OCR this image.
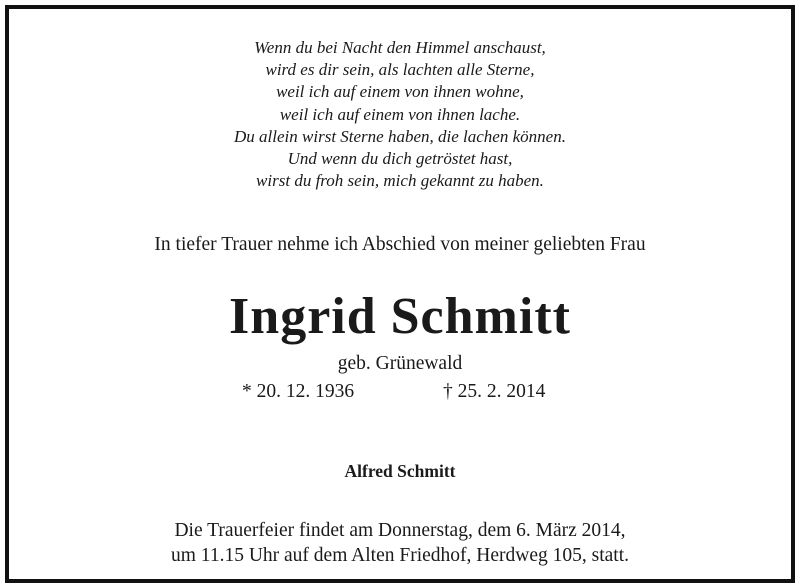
Wenn du bei Nacht den Himmel anschaust,
wird es dir sein, als lachten alle Sterne,
weil ich auf einem von ihnen wohne,
weil ich auf einem von ihnen lache.
Du allein wirst Sterne haben, die lachen können.
Und wenn du dich getröstet hast,
wirst du froh sein, mich gekannt zu haben.
In tiefer Trauer nehme ich Abschied von meiner geliebten Frau
Ingrid Schmitt
geb. Grünewald
* 20. 12. 1936	† 25. 2. 2014
Alfred Schmitt
Die Trauerfeier findet am Donnerstag, dem 6. März 2014,
um 11.15 Uhr auf dem Alten Friedhof, Herdweg 105, statt.
